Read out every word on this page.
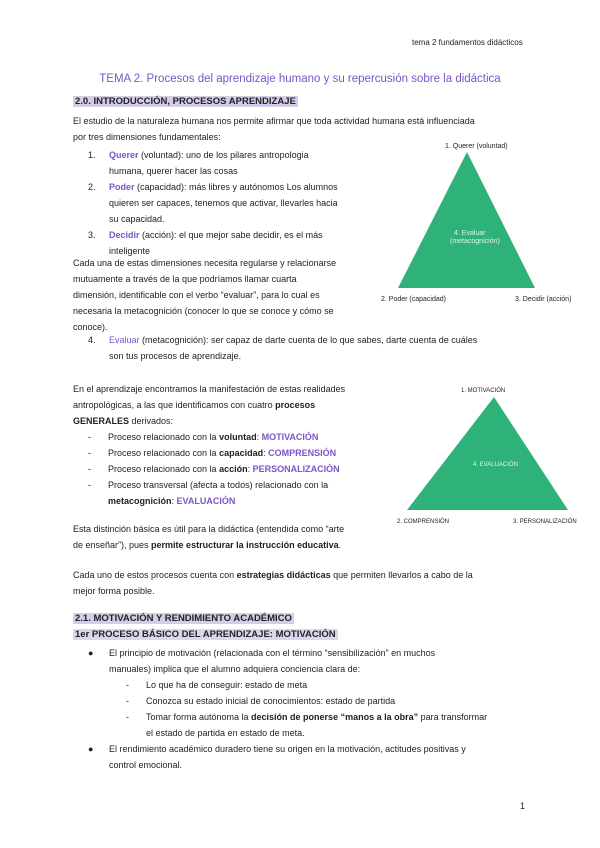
tema 2 fundamentos didácticos
TEMA 2. Procesos del aprendizaje humano y su repercusión sobre la didáctica
2.0. INTRODUCCIÓN, PROCESOS APRENDIZAJE
El estudio de la naturaleza humana nos permite afirmar que toda actividad humana está influenciada
por tres dimensiones fundamentales:
1. Querer (voluntad): uno de los pilares antropologia
humana, querer hacer las cosas
2. Poder (capacidad): más libres y autónomos Los alumnos
quieren ser capaces, tenemos que activar, llevarles hacia
su capacidad.
3. Decidir (acción): el que mejor sabe decidir, es el más
inteligente
Cada una de estas dimensiones necesita regularse y relacionarse
mutuamente a través de la que podríamos llamar cuarta
dimensión, identificable con el verbo “evaluar”, para lo cual es
necesaria la metacognición (conocer lo que se conoce y cómo se
conoce).
4. Evaluar (metacognición): ser capaz de darte cuenta de lo que sabes, darte cuenta de cuáles
son tus procesos de aprendizaje.
1. Querer (voluntad)
4. Evaluar
(metacognición)
2. Poder (capacidad)	3. Decidir (acción)
En el aprendizaje encontramos la manifestación de estas realidades
antropológicas, a las que identificamos con cuatro procesos
GENERALES derivados:
- Proceso relacionado con la voluntad: MOTIVACIÓN
- Proceso relacionado con la capacidad: COMPRENSIÓN
- Proceso relacionado con la acción: PERSONALIZACIÓN
- Proceso transversal (afecta a todos) relacionado con la
metacognición: EVALUACIÓN
1. MOTIVACIÓN
4. EVALUACIÓN
2. COMPRENSIÓN	3. PERSONALIZACIÓN
Esta distinción básica es útil para la didáctica (entendida como “arte
de enseñar”), pues permite estructurar la instrucción educativa.
Cada uno de estos procesos cuenta con estrategias didácticas que permiten llevarlos a cabo de la
mejor forma posible.
2.1. MOTIVACIÓN Y RENDIMIENTO ACADÉMICO
1er PROCESO BÁSICO DEL APRENDIZAJE: MOTIVACIÓN
● El principio de motivación (relacionada con el término “sensibilización” en muchos
manuales) implica que el alumno adquiera conciencia clara de:
- Lo que ha de conseguir: estado de meta
- Conozca su estado inicial de conocimientos: estado de partida
- Tomar forma autónoma la decisión de ponerse “manos a la obra” para transformar
el estado de partida en estado de meta.
● El rendimiento académico duradero tiene su origen en la motivación, actitudes positivas y
control emocional.
1
